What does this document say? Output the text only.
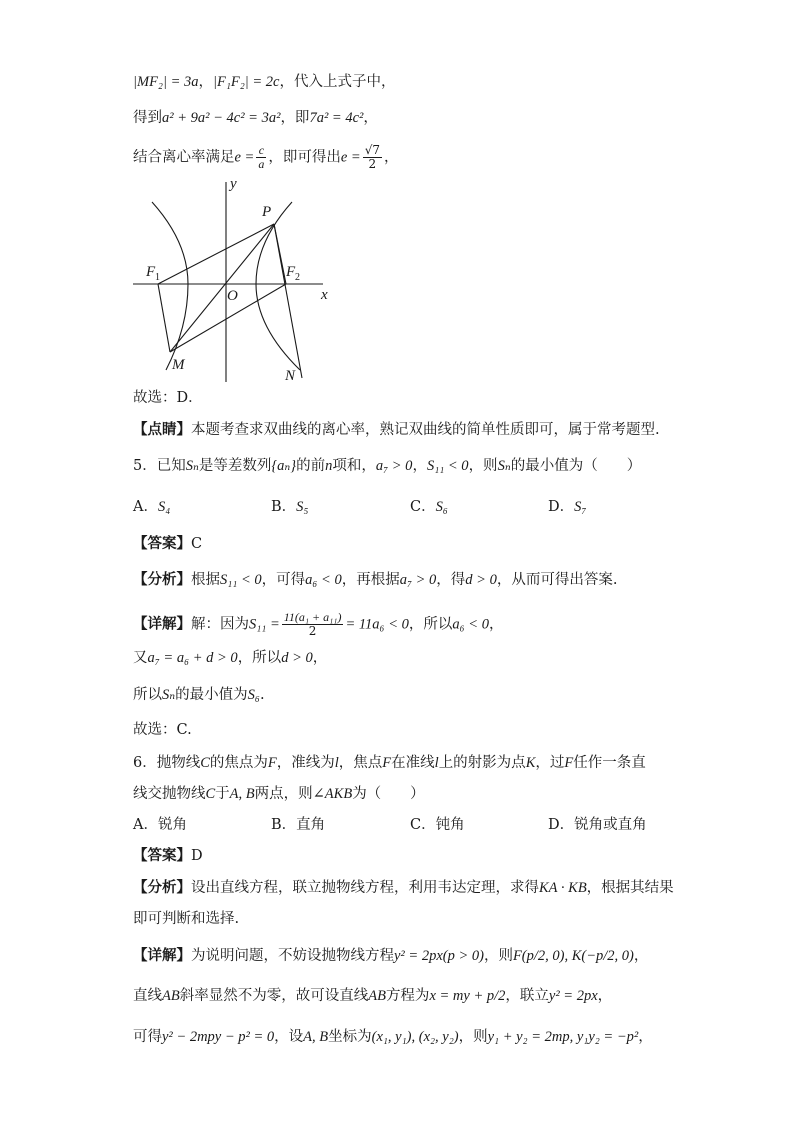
|MF₂| = 3a，|F₁F₂| = 2c，代入上式子中，
得到a² + 9a² − 4c² = 3a²，即7a² = 4c²，
结合离心率满足$e = \frac{c}{a}$ ，即可得出$e = \frac{√7}{2}$ ，
y
x
O
P
M
N
F 1	F 2
故选：D．
【点睛】本题考查求双曲线的离心率，熟记双曲线的简单性质即可，属于常考题型.
5．已知Sₙ是等差数列{aₙ}的前n项和，a₇ > 0，S₁₁ < 0，则Sₙ的最小值为（　　）
A．S₄	B．S₅	C．S₆	D．S₇
【答案】C
【分析】根据S₁₁ < 0，可得a₆ < 0，再根据a₇ > 0，得d > 0，从而可得出答案.
【详解】解：因为$S_{11} = \frac{\text{11(a₁ + a₁₁)}}{2} = 11a_6 < 0$，所以a₆ < 0，
又a₇ = a₆ + d > 0，所以d > 0，
所以Sₙ的最小值为S₆.
故选：C.
6．抛物线C的焦点为F，准线为l，焦点F在准线l上的射影为点K，过F任作一条直
线交抛物线C于A, B两点，则∠AKB为（　　）
A．锐角	B．直角	C．钝角	D．锐角或直角
【答案】D
【分析】设出直线方程，联立抛物线方程，利用韦达定理，求得KA · KB，根据其结果
即可判断和选择.
【详解】为说明问题，不妨设抛物线方程y² = 2px(p > 0)，则F(p/2, 0), K(−p/2, 0)，
直线AB斜率显然不为零，故可设直线AB方程为x = my + p/2，联立y² = 2px，
可得y² − 2mpy − p² = 0，设A, B坐标为(x₁, y₁), (x₂, y₂)，则y₁ + y₂ = 2mp, y₁y₂ = −p²，
